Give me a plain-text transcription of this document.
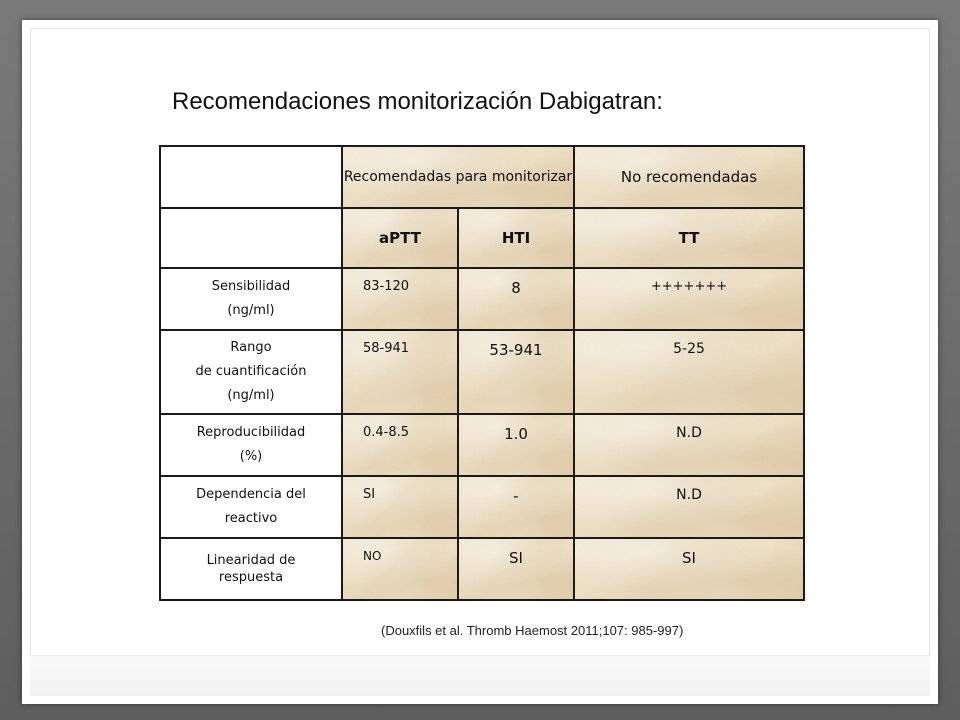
Recomendaciones monitorización Dabigatran:
	Recomendadas para monitorizar		No recomendadas
	aPTT	HTI	TT

Sensibilidad
(ng/ml)	83-120	8	+++++++

Rango
de cuantificación
(ng/ml)	58-941	53-941	5-25

Reproducibilidad
(%)	0.4-8.5	1.0	N.D

Dependencia del
reactivo	SI	-	N.D

Linearidad de
respuesta	NO	SI	SI
(Douxfils et al. Thromb Haemost 2011;107: 985-997)
